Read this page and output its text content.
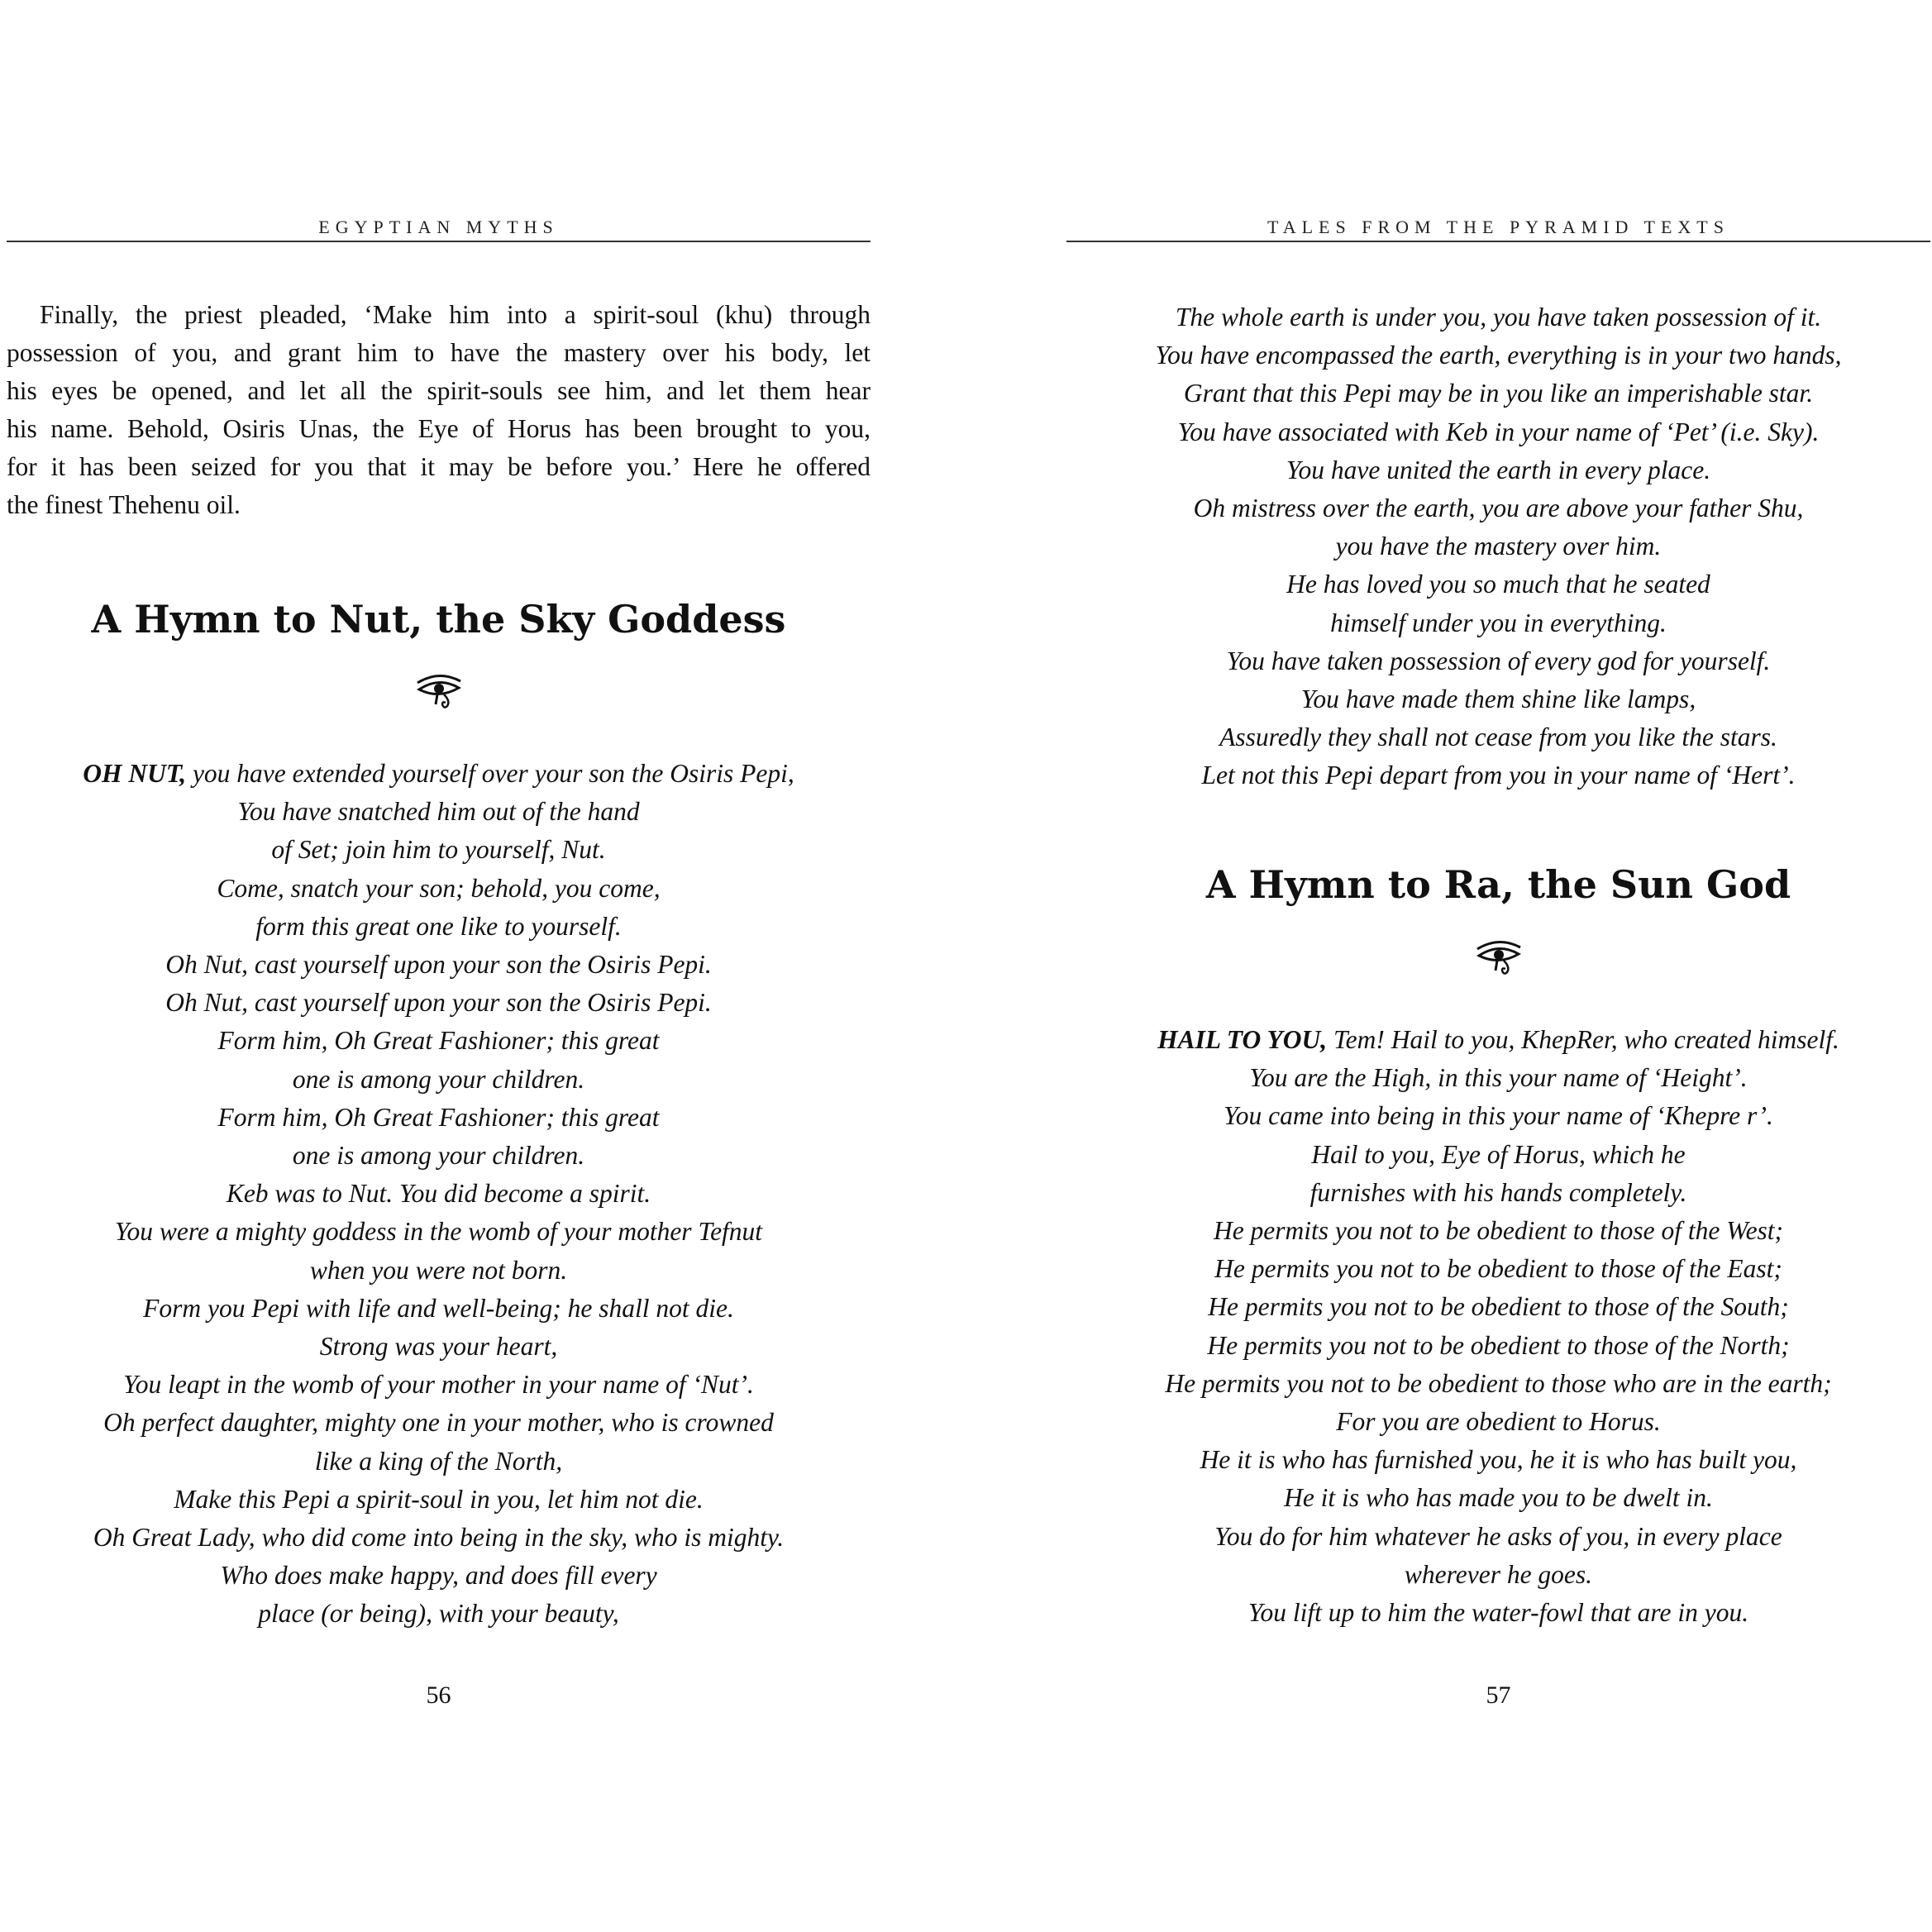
EGYPTIAN MYTHS

Finally, the priest pleaded, ‘Make him into a spirit-soul (khu) through
possession of you, and grant him to have the mastery over his body, let
his eyes be opened, and let all the spirit-souls see him, and let them hear
his name. Behold, Osiris Unas, the Eye of Horus has been brought to you,
for it has been seized for you that it may be before you.’ Here he offered
the finest Thehenu oil.

A Hymn to Nut, the Sky Goddess
OH NUT, you have extended yourself over your son the Osiris Pepi,
You have snatched him out of the hand
of Set; join him to yourself, Nut.
Come, snatch your son; behold, you come,
form this great one like to yourself.
Oh Nut, cast yourself upon your son the Osiris Pepi.
Oh Nut, cast yourself upon your son the Osiris Pepi.
Form him, Oh Great Fashioner; this great
one is among your children.
Form him, Oh Great Fashioner; this great
one is among your children.
Keb was to Nut. You did become a spirit.
You were a mighty goddess in the womb of your mother Tefnut
when you were not born.
Form you Pepi with life and well-being; he shall not die.
Strong was your heart,
You leapt in the womb of your mother in your name of ‘Nut’.
Oh perfect daughter, mighty one in your mother, who is crowned
like a king of the North,
Make this Pepi a spirit-soul in you, let him not die.
Oh Great Lady, who did come into being in the sky, who is mighty.
Who does make happy, and does fill every
place (or being), with your beauty,
56
TALES FROM THE PYRAMID TEXTS
The whole earth is under you, you have taken possession of it.
You have encompassed the earth, everything is in your two hands,
Grant that this Pepi may be in you like an imperishable star.
You have associated with Keb in your name of ‘Pet’ (i.e. Sky).
You have united the earth in every place.
Oh mistress over the earth, you are above your father Shu,
you have the mastery over him.
He has loved you so much that he seated
himself under you in everything.
You have taken possession of every god for yourself.
You have made them shine like lamps,
Assuredly they shall not cease from you like the stars.
Let not this Pepi depart from you in your name of ‘Hert’.
A Hymn to Ra, the Sun God
HAIL TO YOU, Tem! Hail to you, KhepRer, who created himself.
You are the High, in this your name of ‘Height’.
You came into being in this your name of ‘Khepre r’.
Hail to you, Eye of Horus, which he
furnishes with his hands completely.
He permits you not to be obedient to those of the West;
He permits you not to be obedient to those of the East;
He permits you not to be obedient to those of the South;
He permits you not to be obedient to those of the North;
He permits you not to be obedient to those who are in the earth;
For you are obedient to Horus.
He it is who has furnished you, he it is who has built you,
He it is who has made you to be dwelt in.
You do for him whatever he asks of you, in every place
wherever he goes.
You lift up to him the water-fowl that are in you.
57
